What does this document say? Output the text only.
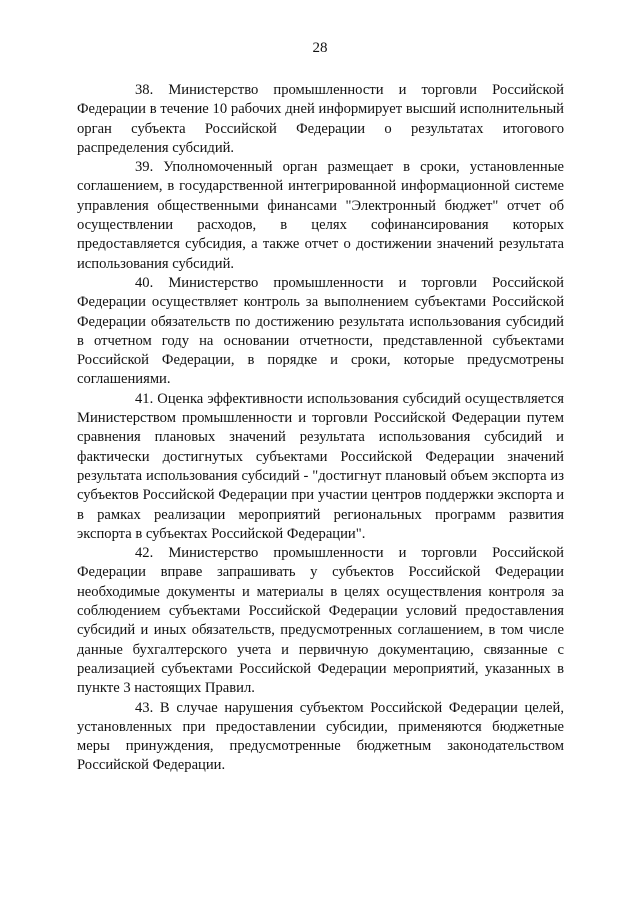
28

38. Министерство промышленности и торговли Российской Федерации в течение 10 рабочих дней информирует высший исполнительный орган субъекта Российской Федерации о результатах итогового распределения субсидий.

39. Уполномоченный орган размещает в сроки, установленные соглашением, в государственной интегрированной информационной системе управления общественными финансами "Электронный бюджет" отчет об осуществлении расходов, в целях софинансирования которых предоставляется субсидия, а также отчет о достижении значений результата использования субсидий.

40. Министерство промышленности и торговли Российской Федерации осуществляет контроль за выполнением субъектами Российской Федерации обязательств по достижению результата использования субсидий в отчетном году на основании отчетности, представленной субъектами Российской Федерации, в порядке и сроки, которые предусмотрены соглашениями.

41. Оценка эффективности использования субсидий осуществляется Министерством промышленности и торговли Российской Федерации путем сравнения плановых значений результата использования субсидий и фактически достигнутых субъектами Российской Федерации значений результата использования субсидий - "достигнут плановый объем экспорта из субъектов Российской Федерации при участии центров поддержки экспорта и в рамках реализации мероприятий региональных программ развития экспорта в субъектах Российской Федерации".

42. Министерство промышленности и торговли Российской Федерации вправе запрашивать у субъектов Российской Федерации необходимые документы и материалы в целях осуществления контроля за соблюдением субъектами Российской Федерации условий предоставления субсидий и иных обязательств, предусмотренных соглашением, в том числе данные бухгалтерского учета и первичную документацию, связанные с реализацией субъектами Российской Федерации мероприятий, указанных в пункте 3 настоящих Правил.

43. В случае нарушения субъектом Российской Федерации целей, установленных при предоставлении субсидии, применяются бюджетные меры принуждения, предусмотренные бюджетным законодательством Российской Федерации.
